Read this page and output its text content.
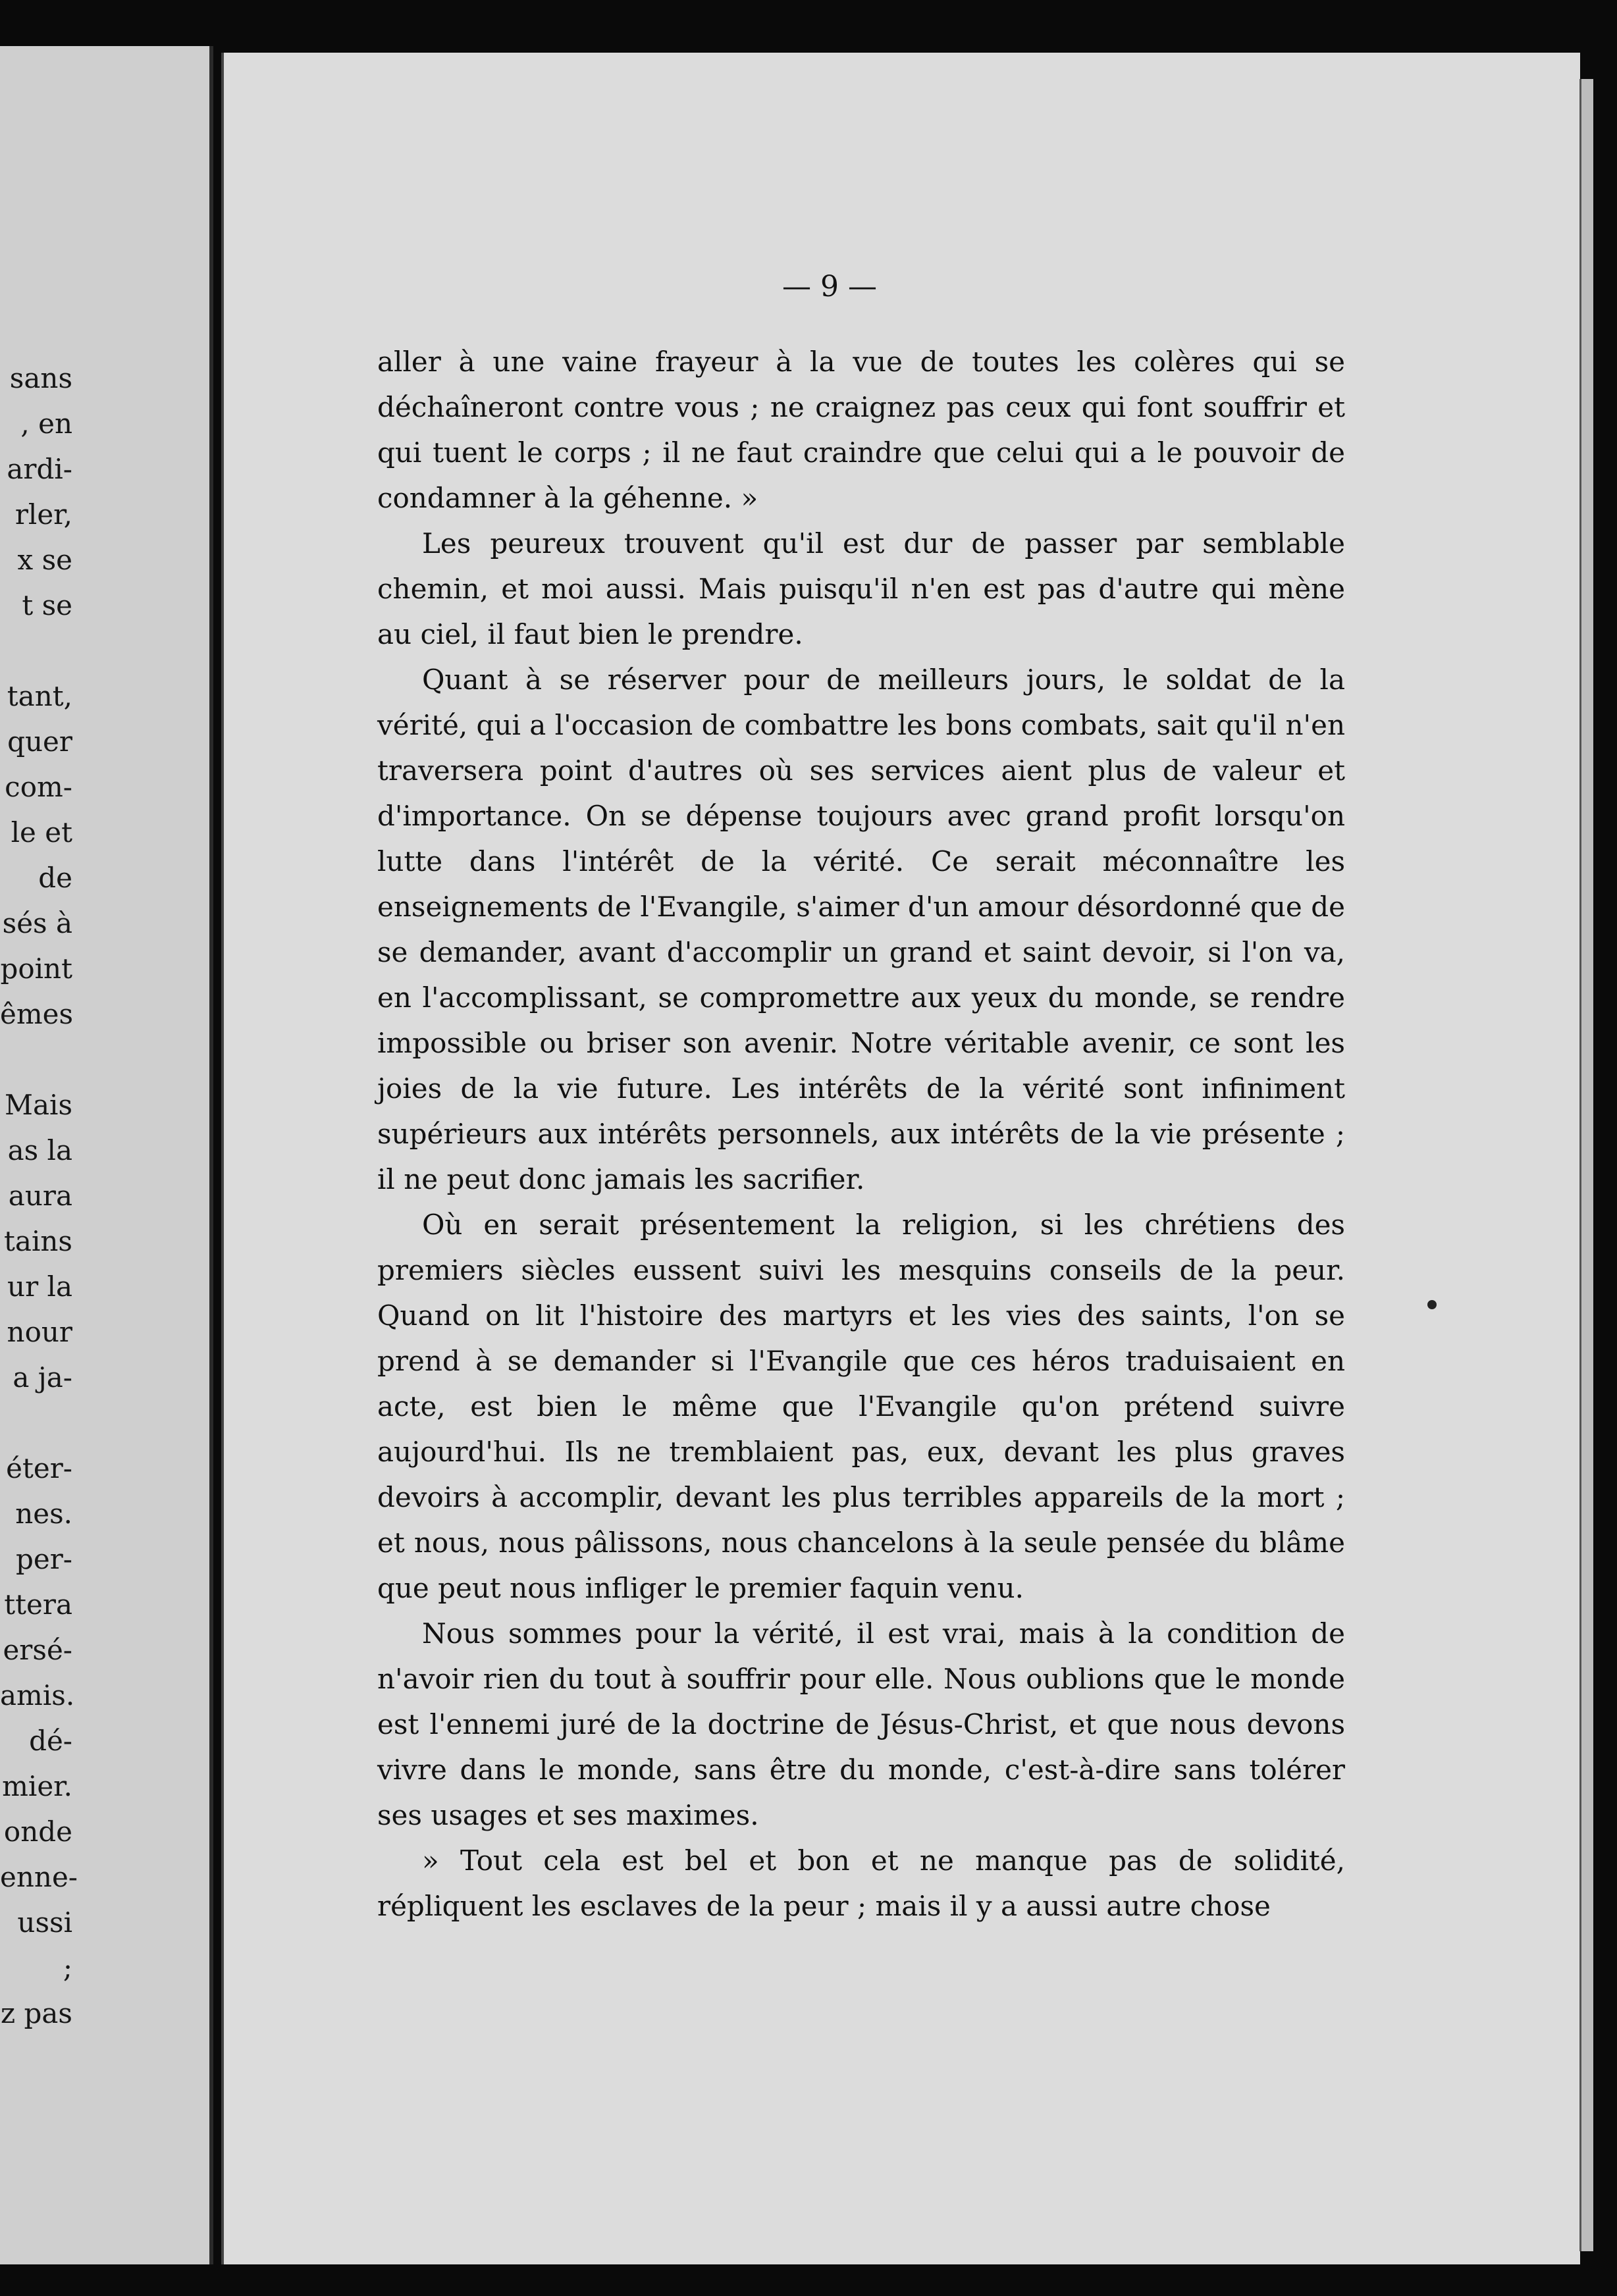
sans
, en
ardi-
rler,
x se
t se
tant,
quer
com-
le et
de
sés à
point
êmes
Mais
as la
aura
tains
ur la
nour
a ja-
éter-
nes.
per-
ttera
ersé-
amis.
dé-
mier.
onde
enne-
ussi ;
z pas
— 9 —

aller à une vaine frayeur à la vue de toutes les colères qui se déchaîneront contre vous ; ne craignez pas ceux qui font souffrir et qui tuent le corps ; il ne faut craindre que celui qui a le pouvoir de condamner à la géhenne. »

Les peureux trouvent qu'il est dur de passer par semblable chemin, et moi aussi. Mais puisqu'il n'en est pas d'autre qui mène au ciel, il faut bien le prendre.

Quant à se réserver pour de meilleurs jours, le soldat de la vérité, qui a l'occasion de combattre les bons combats, sait qu'il n'en traversera point d'autres où ses services aient plus de valeur et d'importance. On se dépense toujours avec grand profit lorsqu'on lutte dans l'intérêt de la vérité. Ce serait méconnaître les enseignements de l'Evangile, s'aimer d'un amour désordonné que de se demander, avant d'accomplir un grand et saint devoir, si l'on va, en l'accomplissant, se compromettre aux yeux du monde, se rendre impossible ou briser son avenir. Notre véritable avenir, ce sont les joies de la vie future. Les intérêts de la vérité sont infiniment supérieurs aux intérêts personnels, aux intérêts de la vie présente ; il ne peut donc jamais les sacrifier.

Où en serait présentement la religion, si les chrétiens des premiers siècles eussent suivi les mesquins conseils de la peur. Quand on lit l'histoire des martyrs et les vies des saints, l'on se prend à se demander si l'Evangile que ces héros traduisaient en acte, est bien le même que l'Evangile qu'on prétend suivre aujourd'hui. Ils ne tremblaient pas, eux, devant les plus graves devoirs à accomplir, devant les plus terribles appareils de la mort ; et nous, nous pâlissons, nous chancelons à la seule pensée du blâme que peut nous infliger le premier faquin venu.

Nous sommes pour la vérité, il est vrai, mais à la condition de n'avoir rien du tout à souffrir pour elle. Nous oublions que le monde est l'ennemi juré de la doctrine de Jésus-Christ, et que nous devons vivre dans le monde, sans être du monde, c'est-à-dire sans tolérer ses usages et ses maximes.

» Tout cela est bel et bon et ne manque pas de solidité, répliquent les esclaves de la peur ; mais il y a aussi autre chose
